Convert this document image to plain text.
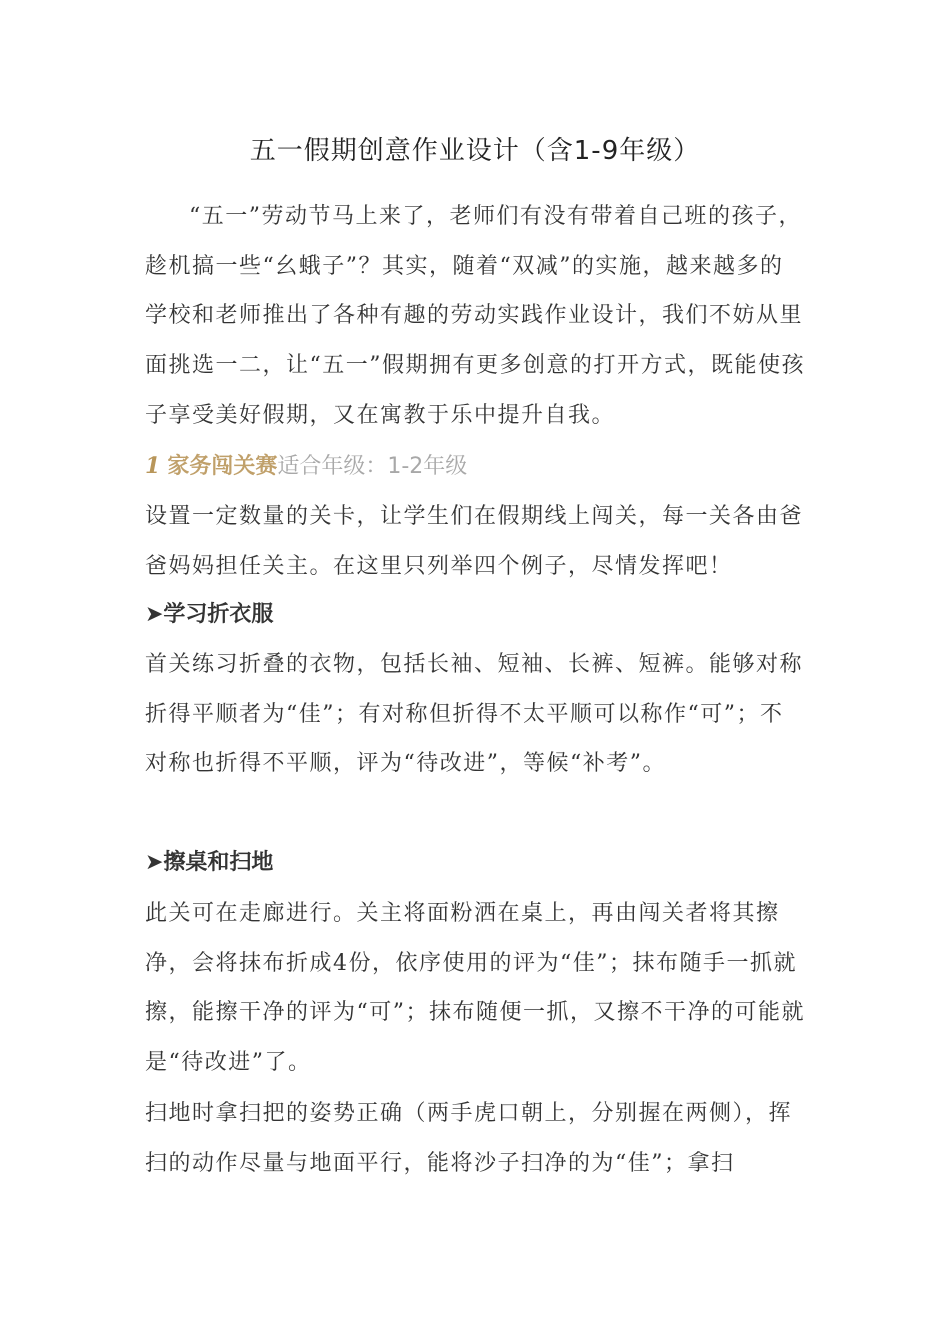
五一假期创意作业设计（含1-9年级）
“五一”劳动节马上来了，老师们有没有带着自己班的孩子，趁机搞一些“幺蛾子”？其实，随着“双减”的实施，越来越多的学校和老师推出了各种有趣的劳动实践作业设计，我们不妨从里面挑选一二，让“五一”假期拥有更多创意的打开方式，既能使孩子享受美好假期，又在寓教于乐中提升自我。
1 家务闯关赛适合年级：1-2年级
设置一定数量的关卡，让学生们在假期线上闯关，每一关各由爸爸妈妈担任关主。在这里只列举四个例子，尽情发挥吧！
➤学习折衣服
首关练习折叠的衣物，包括长袖、短袖、长裤、短裤。能够对称折得平顺者为“佳”；有对称但折得不太平顺可以称作“可”；不对称也折得不平顺，评为“待改进”，等候“补考”。
➤擦桌和扫地
此关可在走廊进行。关主将面粉洒在桌上，再由闯关者将其擦净，会将抹布折成4份，依序使用的评为“佳”；抹布随手一抓就擦，能擦干净的评为“可”；抹布随便一抓，又擦不干净的可能就是“待改进”了。
扫地时拿扫把的姿势正确（两手虎口朝上，分别握在两侧），挥扫的动作尽量与地面平行，能将沙子扫净的为“佳”；拿扫
